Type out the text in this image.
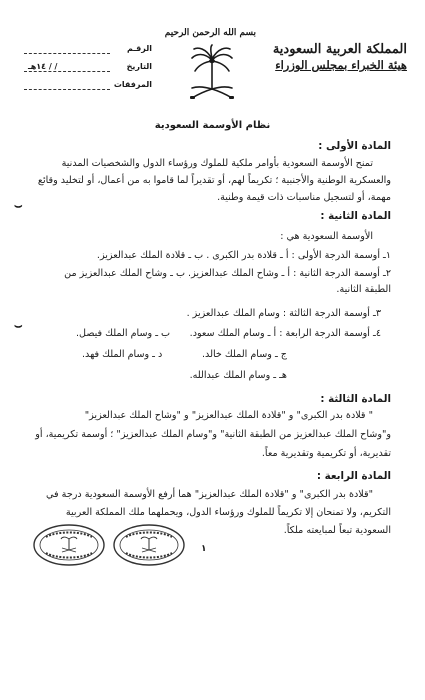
المملكة العربية السعودية
هيئة الخبراء بمجلس الوزراء
بسم الله الرحمن الرحيم
الرقـم
التاريخ
/ / ١٤هـ
المرفقات
نظام الأوسمة السعودية
المادة الأولى :
تمنح الأوسمة السعودية بأوامر ملكية للملوك ورؤساء الدول والشخصيات المدنية
والعسكرية الوطنية والأجنبية ؛ تكريماً لهم، أو تقديراً لما قاموا به من أعمال، أو لتخليد وقائع
مهمة، أو لتسجيل مناسبات ذات قيمة وطنية.
⌣
المادة الثانية :
الأوسمة السعودية هي :
١ـ أوسمة الدرجة الأولى : أ ـ قلادة بدر الكبرى . ب ـ قلادة الملك عبدالعزيز.
٢ـ أوسمة الدرجة الثانية : أ ـ وشاح الملك عبدالعزيز. ب ـ وشاح الملك عبدالعزيز من
الطبقة الثانية.
٣ـ أوسمة الدرجة الثالثة : وسام الملك عبدالعزيز .
⌣	٤ـ أوسمة الدرجة الرابعة : أ ـ وسام الملك سعود.
ب ـ وسام الملك فيصل.
ج ـ وسام الملك خالد.
د ـ وسام الملك فهد.
هـ ـ وسام الملك عبدالله.
المادة الثالثة :
" قلادة بدر الكبرى" و "قلادة الملك عبدالعزيز" و "وشاح الملك عبدالعزيز"
و"وشاح الملك عبدالعزيز من الطبقة الثانية" و"وسام الملك عبدالعزيز" ؛ أوسمة تكريمية، أو
تقديرية، أو تكريمية وتقديرية معاً.
المادة الرابعة :
"قلادة بدر الكبرى" و "قلادة الملك عبدالعزيز" هما أرفع الأوسمة السعودية درجة في
التكريم، ولا تمنحان إلا تكريماً للملوك ورؤساء الدول، ويحملهما ملك المملكة العربية
السعودية تبعاً لمبايعته ملكاً.
١
